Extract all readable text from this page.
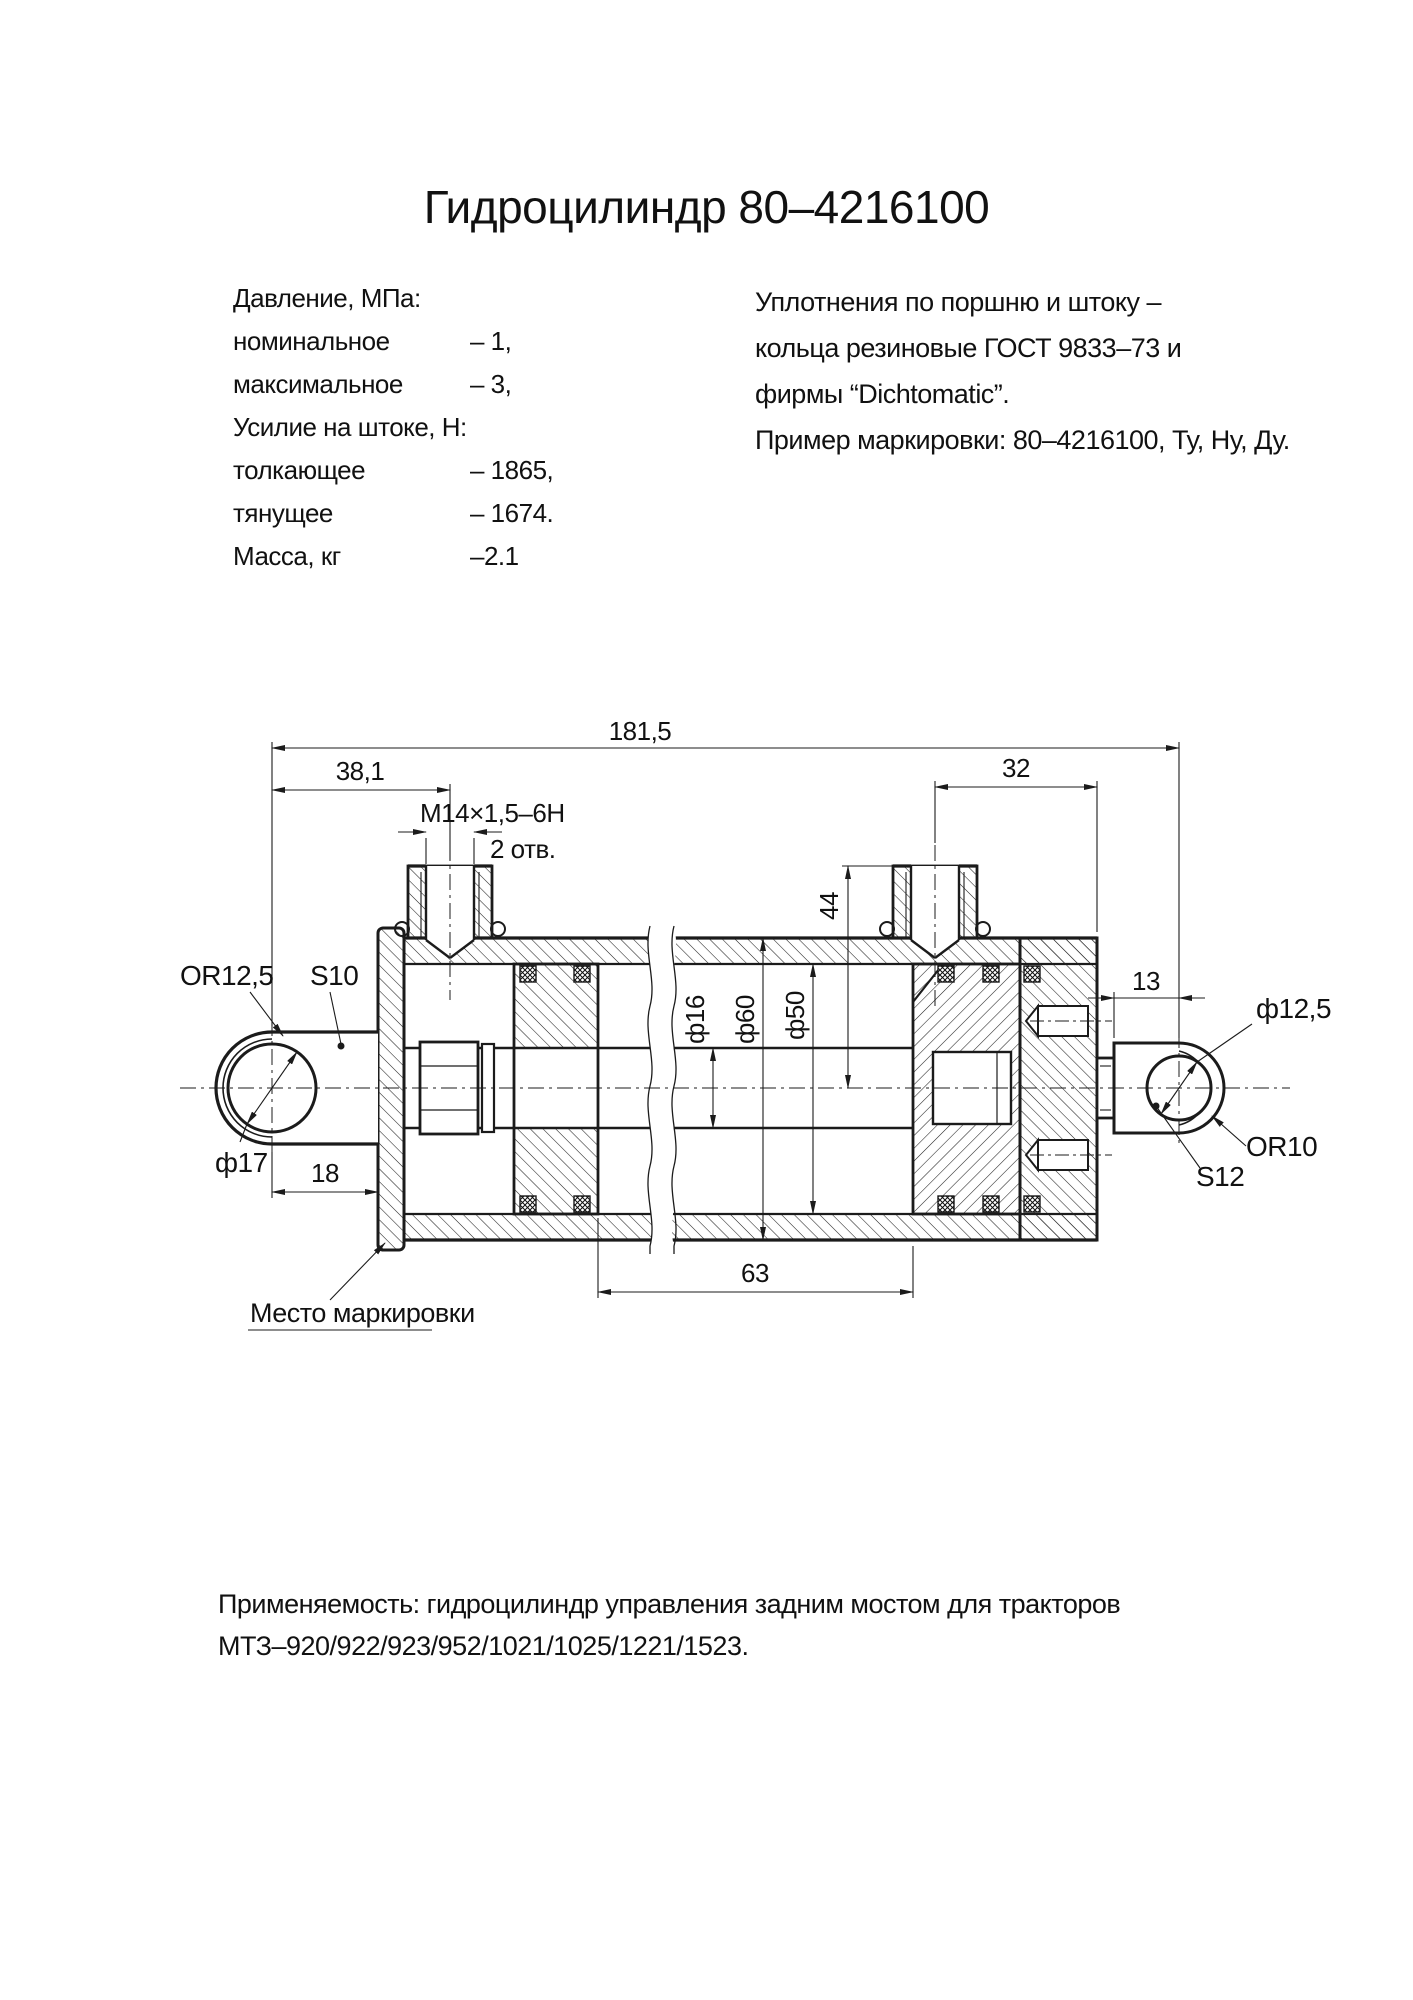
Гидроцилиндр 80–4216100
Давление, МПа:
номинальное	– 1,
максимальное	– 3,
Усилие на штоке, Н:
толкающее	– 1865,
тянущее	– 1674.
Масса, кг	–2.1
Уплотнения по поршню и штоку –
кольца резиновые ГОСТ 9833–73 и
фирмы “Dichtomatic”.
Пример маркировки: 80–4216100, Ту, Ну, Ду.
181,5
38,1	32
M14×1,5–6H
2 отв.
44
ф16 ф60 ф50
OR12,5 S10
ф17 18
13
ф12,5
OR10
S12
63
Место маркировки
Применяемость: гидроцилиндр управления задним мостом для тракторов
МТЗ–920/922/923/952/1021/1025/1221/1523.
